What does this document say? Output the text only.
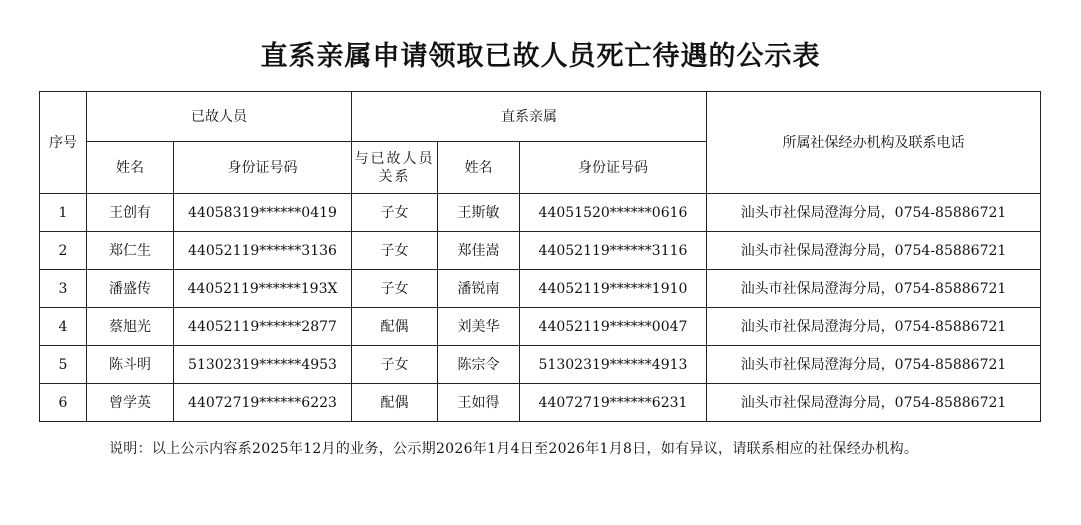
直系亲属申请领取已故人员死亡待遇的公示表
序号	已故人员		直系亲属			所属社保经办机构及联系电话
	姓名	身份证号码	与已故人员关系	姓名	身份证号码	
1	王创有	44058319******0419	子女	王斯敏	44051520******0616	汕头市社保局澄海分局，0754-85886721
2	郑仁生	44052119******3136	子女	郑佳嵩	44052119******3116	汕头市社保局澄海分局，0754-85886721
3	潘盛传	44052119******193X	子女	潘锐南	44052119******1910	汕头市社保局澄海分局，0754-85886721
4	蔡旭光	44052119******2877	配偶	刘美华	44052119******0047	汕头市社保局澄海分局，0754-85886721
5	陈斗明	51302319******4953	子女	陈宗令	51302319******4913	汕头市社保局澄海分局，0754-85886721
6	曾学英	44072719******6223	配偶	王如得	44072719******6231	汕头市社保局澄海分局，0754-85886721
说明：以上公示内容系2025年12月的业务，公示期2026年1月4日至2026年1月8日，如有异议，请联系相应的社保经办机构。
